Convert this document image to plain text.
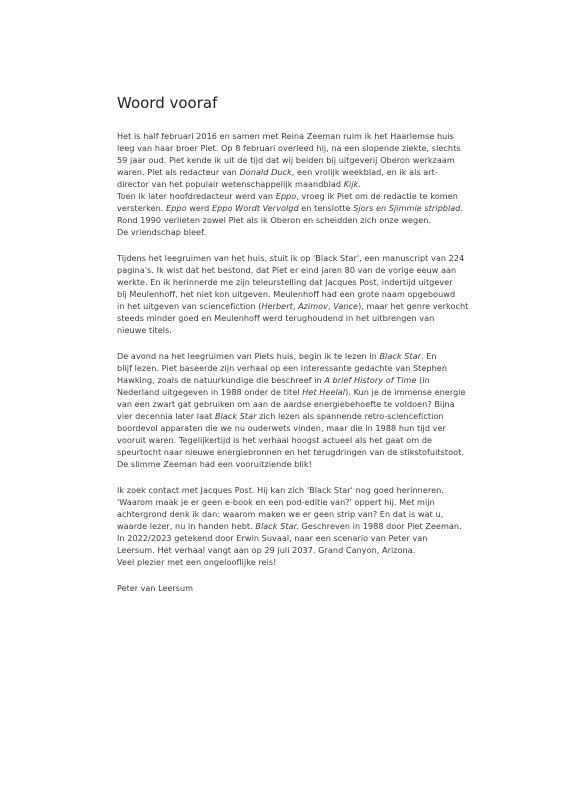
Woord vooraf
Het is half februari 2016 en samen met Reina Zeeman ruim ik het Haarlemse huis
leeg van haar broer Piet. Op 8 februari overleed hij, na een slopende ziekte, slechts
59 jaar oud. Piet kende ik uit de tijd dat wij beiden bij uitgeverij Oberon werkzaam
waren. Piet als redacteur van Donald Duck, een vrolijk weekblad, en ik als art-
director van het populair wetenschappelijk maandblad Kijk.
Toen ik later hoofdredacteur werd van Eppo, vroeg ik Piet om de redactie te komen
versterken. Eppo werd Eppo Wordt Vervolgd en tenslotte Sjors en Sjimmie stripblad.
Rond 1990 verlieten zowel Piet als ik Oberon en scheidden zich onze wegen.
De vriendschap bleef.
Tijdens het leegruimen van het huis, stuit ik op 'Black Star', een manuscript van 224
pagina's. Ik wist dat het bestond, dat Piet er eind jaren 80 van de vorige eeuw aan
werkte. En ik herinnerde me zijn teleurstelling dat Jacques Post, indertijd uitgever
bij Meulenhoff, het niet kon uitgeven. Meulenhoff had een grote naam opgebouwd
in het uitgeven van sciencefiction (Herbert, Azimov, Vance), maar het genre verkocht
steeds minder goed en Meulenhoff werd terughoudend in het uitbrengen van
nieuwe titels.
De avond na het leegruimen van Piets huis, begin ik te lezen in Black Star. En
blijf lezen. Piet baseerde zijn verhaal op een interessante gedachte van Stephen
Hawking, zoals de natuurkundige die beschreef in A brief History of Time (in
Nederland uitgegeven in 1988 onder de titel Het Heelal). Kun je de immense energie
van een zwart gat gebruiken om aan de aardse energiebehoefte te voldoen? Bijna
vier decennia later laat Black Star zich lezen als spannende retro-sciencefiction
boordevol apparaten die we nu ouderwets vinden, maar die in 1988 hun tijd ver
vooruit waren. Tegelijkertijd is het verhaal hoogst actueel als het gaat om de
speurtocht naar nieuwe energiebronnen en het terugdringen van de stikstofuitstoot.
De slimme Zeeman had een vooruitziende blik!
Ik zoek contact met Jacques Post. Hij kan zich 'Black Star' nog goed herinneren.
'Waarom maak je er geen e-book en een pod-editie van?' oppert hij. Met mijn
achtergrond denk ik dan: waarom maken we er geen strip van? En dat is wat u,
waarde lezer, nu in handen hebt. Black Star. Geschreven in 1988 door Piet Zeeman.
In 2022/2023 getekend door Erwin Suvaal, naar een scenario van Peter van
Leersum. Het verhaal vangt aan op 29 juli 2037. Grand Canyon, Arizona.
Veel plezier met een ongelooflijke reis!
Peter van Leersum
